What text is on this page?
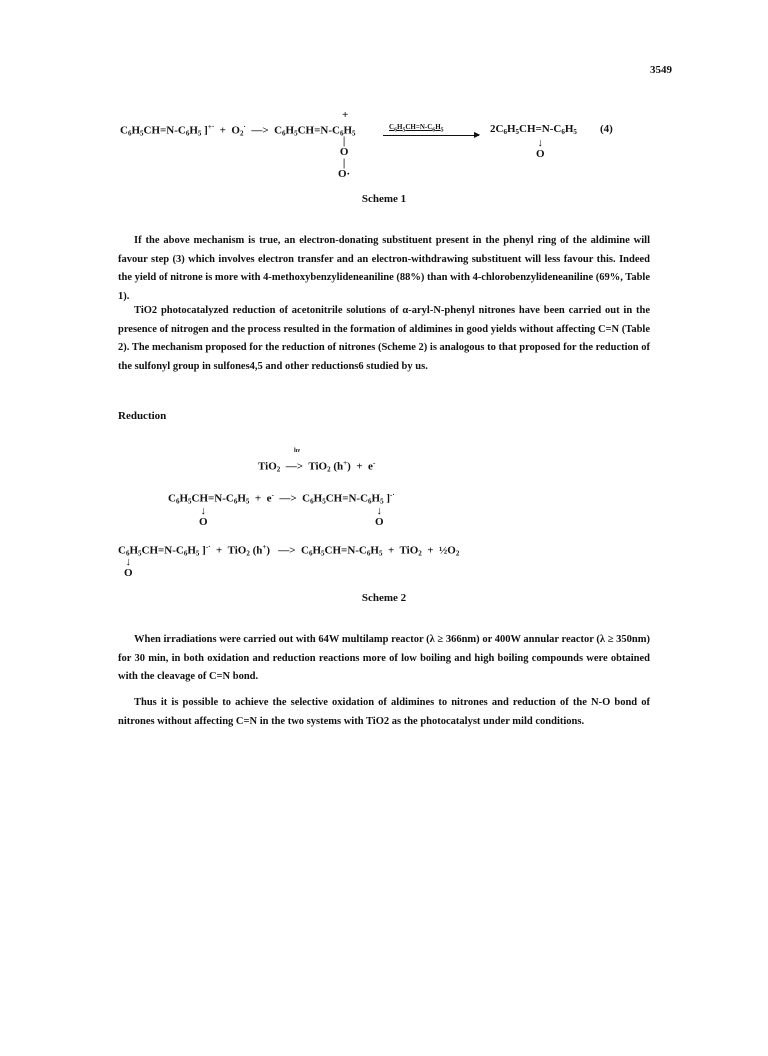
3549
$C_6H_5CH=N-C_6H_5$ ]$^{+\cdot} + O_2^\cdot$  —>  $C_6H_5CH=N-C_6H_5$
+
$C_6H_5CH=N-C_6H_5$	▶ $2C_6H_5CH=N-C_6H_5$ (4)
|
O
|
O·
↓
O
Scheme 1
If the above mechanism is true, an electron-donating substituent present in the phenyl ring of the aldimine will favour step (3) which involves electron transfer and an electron-withdrawing substituent will less favour this. Indeed the yield of nitrone is more with 4-methoxybenzylideneaniline (88%) than with 4-chlorobenzylideneaniline (69%, Table 1).
TiO2 photocatalyzed reduction of acetonitrile solutions of α-aryl-N-phenyl nitrones have been carried out in the presence of nitrogen and the process resulted in the formation of aldimines in good yields without affecting C=N (Table 2). The mechanism proposed for the reduction of nitrones (Scheme 2) is analogous to that proposed for the reduction of the sulfonyl group in sulfones4,5 and other reductions6 studied by us.
Reduction
hν
TiO$_2$  —>  TiO$_2$ (h+)  +  e-
$C_6H_5CH=N-C_6H_5 + e^-$  —>  $C_6H_5CH=N-C_6H_5$ ]-·
↓
O
↓
O
$C_6H_5CH=N-C_6H_5$ ]-·  +  TiO$_2$ (h+)   —>  $C_6H_5CH=N-C_6H_5 + TiO_2$  +  $\frac{1}{2}O_2$
↓
O
Scheme 2
When irradiations were carried out with 64W multilamp reactor (λ ≥ 366nm) or 400W annular reactor (λ ≥ 350nm) for 30 min, in both oxidation and reduction reactions more of low boiling and high boiling compounds were obtained with the cleavage of C=N bond.
Thus it is possible to achieve the selective oxidation of aldimines to nitrones and reduction of the N-O bond of nitrones without affecting C=N in the two systems with TiO2 as the photocatalyst under mild conditions.
